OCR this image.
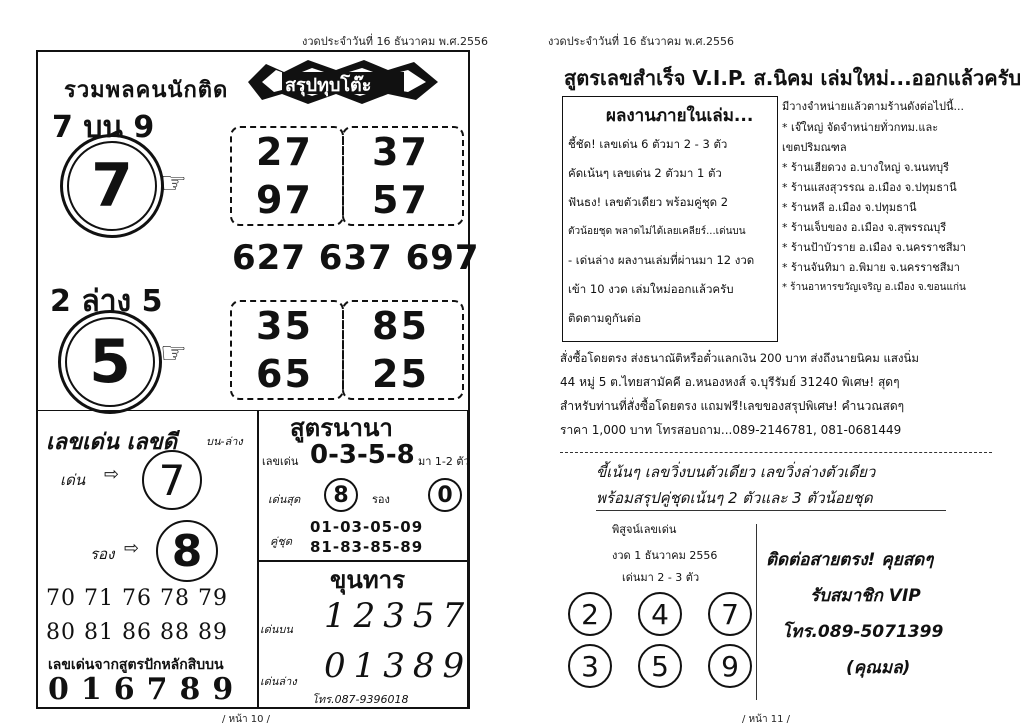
งวดประจำวันที่ 16 ธันวาคม พ.ศ.2556
รวมพลคนนักติด	สรุปทุบโต๊ะ
7 บน 9
7 ☞
27 37
97 57
627 637 697
2 ล่าง 5
5 ☞
35 85
65 25
เลขเด่น เลขดี	บน-ล่าง
เด่น ⇨ 7
รอง ⇨ 8
70 71 76 78 79
80 81 86 88 89
เลขเด่นจากสูตรปักหลักสิบบน
016789
สูตรนานา
เลขเด่น 0-3-5-8 มา 1-2 ตัว
เด่นสุด	8	รอง	0
คู่ชุด
01-03-05-09
81-83-85-89
ขุนทาร
เด่นบน 12357
เด่นล่าง 01389
โทร.087-9396018
/ หน้า 10 /
งวดประจำวันที่ 16 ธันวาคม พ.ศ.2556
สูตรเลขสำเร็จ V.I.P. ส.นิคม เล่มใหม่...ออกแล้วครับ
ผลงานภายในเล่ม...
ชี้ชัด! เลขเด่น 6 ตัวมา 2 - 3 ตัว
คัดเน้นๆ เลขเด่น 2 ตัวมา 1 ตัว
ฟันธง! เลขตัวเดียว พร้อมคู่ชุด 2
ตัวน้อยชุด พลาดไม่ได้เลยเคลียร์...เด่นบน
- เด่นล่าง ผลงานเล่มที่ผ่านมา 12 งวด
เข้า 10 งวด เล่มใหม่ออกแล้วครับ
ติดตามดูกันต่อ
มีวางจำหน่ายแล้วตามร้านดังต่อไปนี้...
* เจ๊ใหญ่ จัดจำหน่ายทั่วกทม.และ
เขตปริมณฑล
* ร้านเฮียดวง อ.บางใหญ่ จ.นนทบุรี
* ร้านแสงสุวรรณ อ.เมือง จ.ปทุมธานี
* ร้านหลี อ.เมือง จ.ปทุมธานี
* ร้านเจ็บของ อ.เมือง จ.สุพรรณบุรี
* ร้านป้าบัวราย อ.เมือง จ.นครราชสีมา
* ร้านจันทิมา อ.พิมาย จ.นครราชสีมา
* ร้านอาหารขวัญเจริญ อ.เมือง จ.ขอนแก่น
สั่งซื้อโดยตรง ส่งธนาณัติหรือตั๋วแลกเงิน 200 บาท ส่งถึงนายนิคม แสงนิ่ม
44 หมู่ 5 ต.ไทยสามัคคี อ.หนองหงส์ จ.บุรีรัมย์ 31240 พิเศษ! สุดๆ
สำหรับท่านที่สั่งซื้อโดยตรง แถมฟรี!เลขของสรุปพิเศษ! คำนวณสดๆ
ราคา 1,000 บาท โทรสอบถาม...089-2146781, 081-0681449
ขี้เน้นๆ เลขวิ่งบนตัวเดียว เลขวิ่งล่างตัวเดียว
พร้อมสรุปคู่ชุดเน้นๆ 2 ตัวและ 3 ตัวน้อยชุด
พิสูจน์เลขเด่น
งวด 1 ธันวาคม 2556
เด่นมา 2 - 3 ตัว
2	4	7
3	5	9
ติดต่อสายตรง! คุยสดๆ
รับสมาชิก VIP
โทร.089-5071399
(คุณมล)
/ หน้า 11 /
